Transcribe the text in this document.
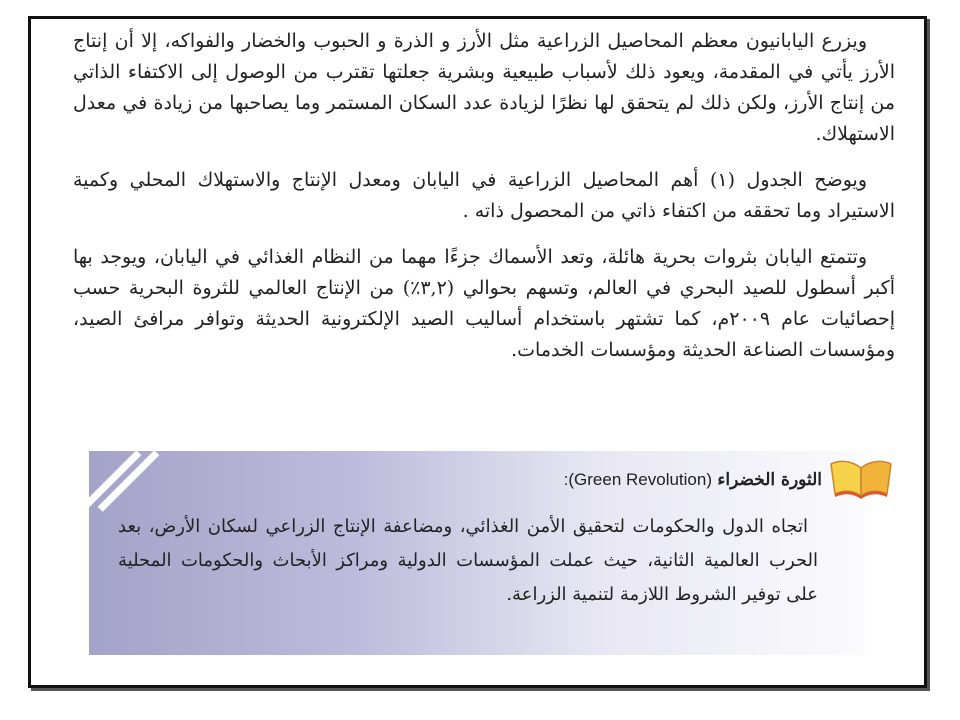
ويزرع اليابانيون معظم المحاصيل الزراعية مثل الأرز و الذرة و الحبوب والخضار والفواكه، إلا أن إنتاج الأرز يأتي في المقدمة، ويعود ذلك لأسباب طبيعية وبشرية جعلتها تقترب من الوصول إلى الاكتفاء الذاتي من إنتاج الأرز، ولكن ذلك لم يتحقق لها نظرًا لزيادة عدد السكان المستمر وما يصاحبها من زيادة في معدل الاستهلاك.

ويوضح الجدول (١) أهم المحاصيل الزراعية في اليابان ومعدل الإنتاج والاستهلاك المحلي وكمية الاستيراد وما تحققه من اكتفاء ذاتي من المحصول ذاته .

وتتمتع اليابان بثروات بحرية هائلة، وتعد الأسماك جزءًا مهما من النظام الغذائي في اليابان، ويوجد بها أكبر أسطول للصيد البحري في العالم، وتسهم بحوالي (٣,٢٪) من الإنتاج العالمي للثروة البحرية حسب إحصائيات عام ٢٠٠٩م، كما تشتهر باستخدام أساليب الصيد الإلكترونية الحديثة وتوافر مرافئ الصيد، ومؤسسات الصناعة الحديثة ومؤسسات الخدمات.

الثورة الخضراء (Green Revolution):
اتجاه الدول والحكومات لتحقيق الأمن الغذائي، ومضاعفة الإنتاج الزراعي لسكان الأرض، بعد الحرب العالمية الثانية، حيث عملت المؤسسات الدولية ومراكز الأبحاث والحكومات المحلية على توفير الشروط اللازمة لتنمية الزراعة.
